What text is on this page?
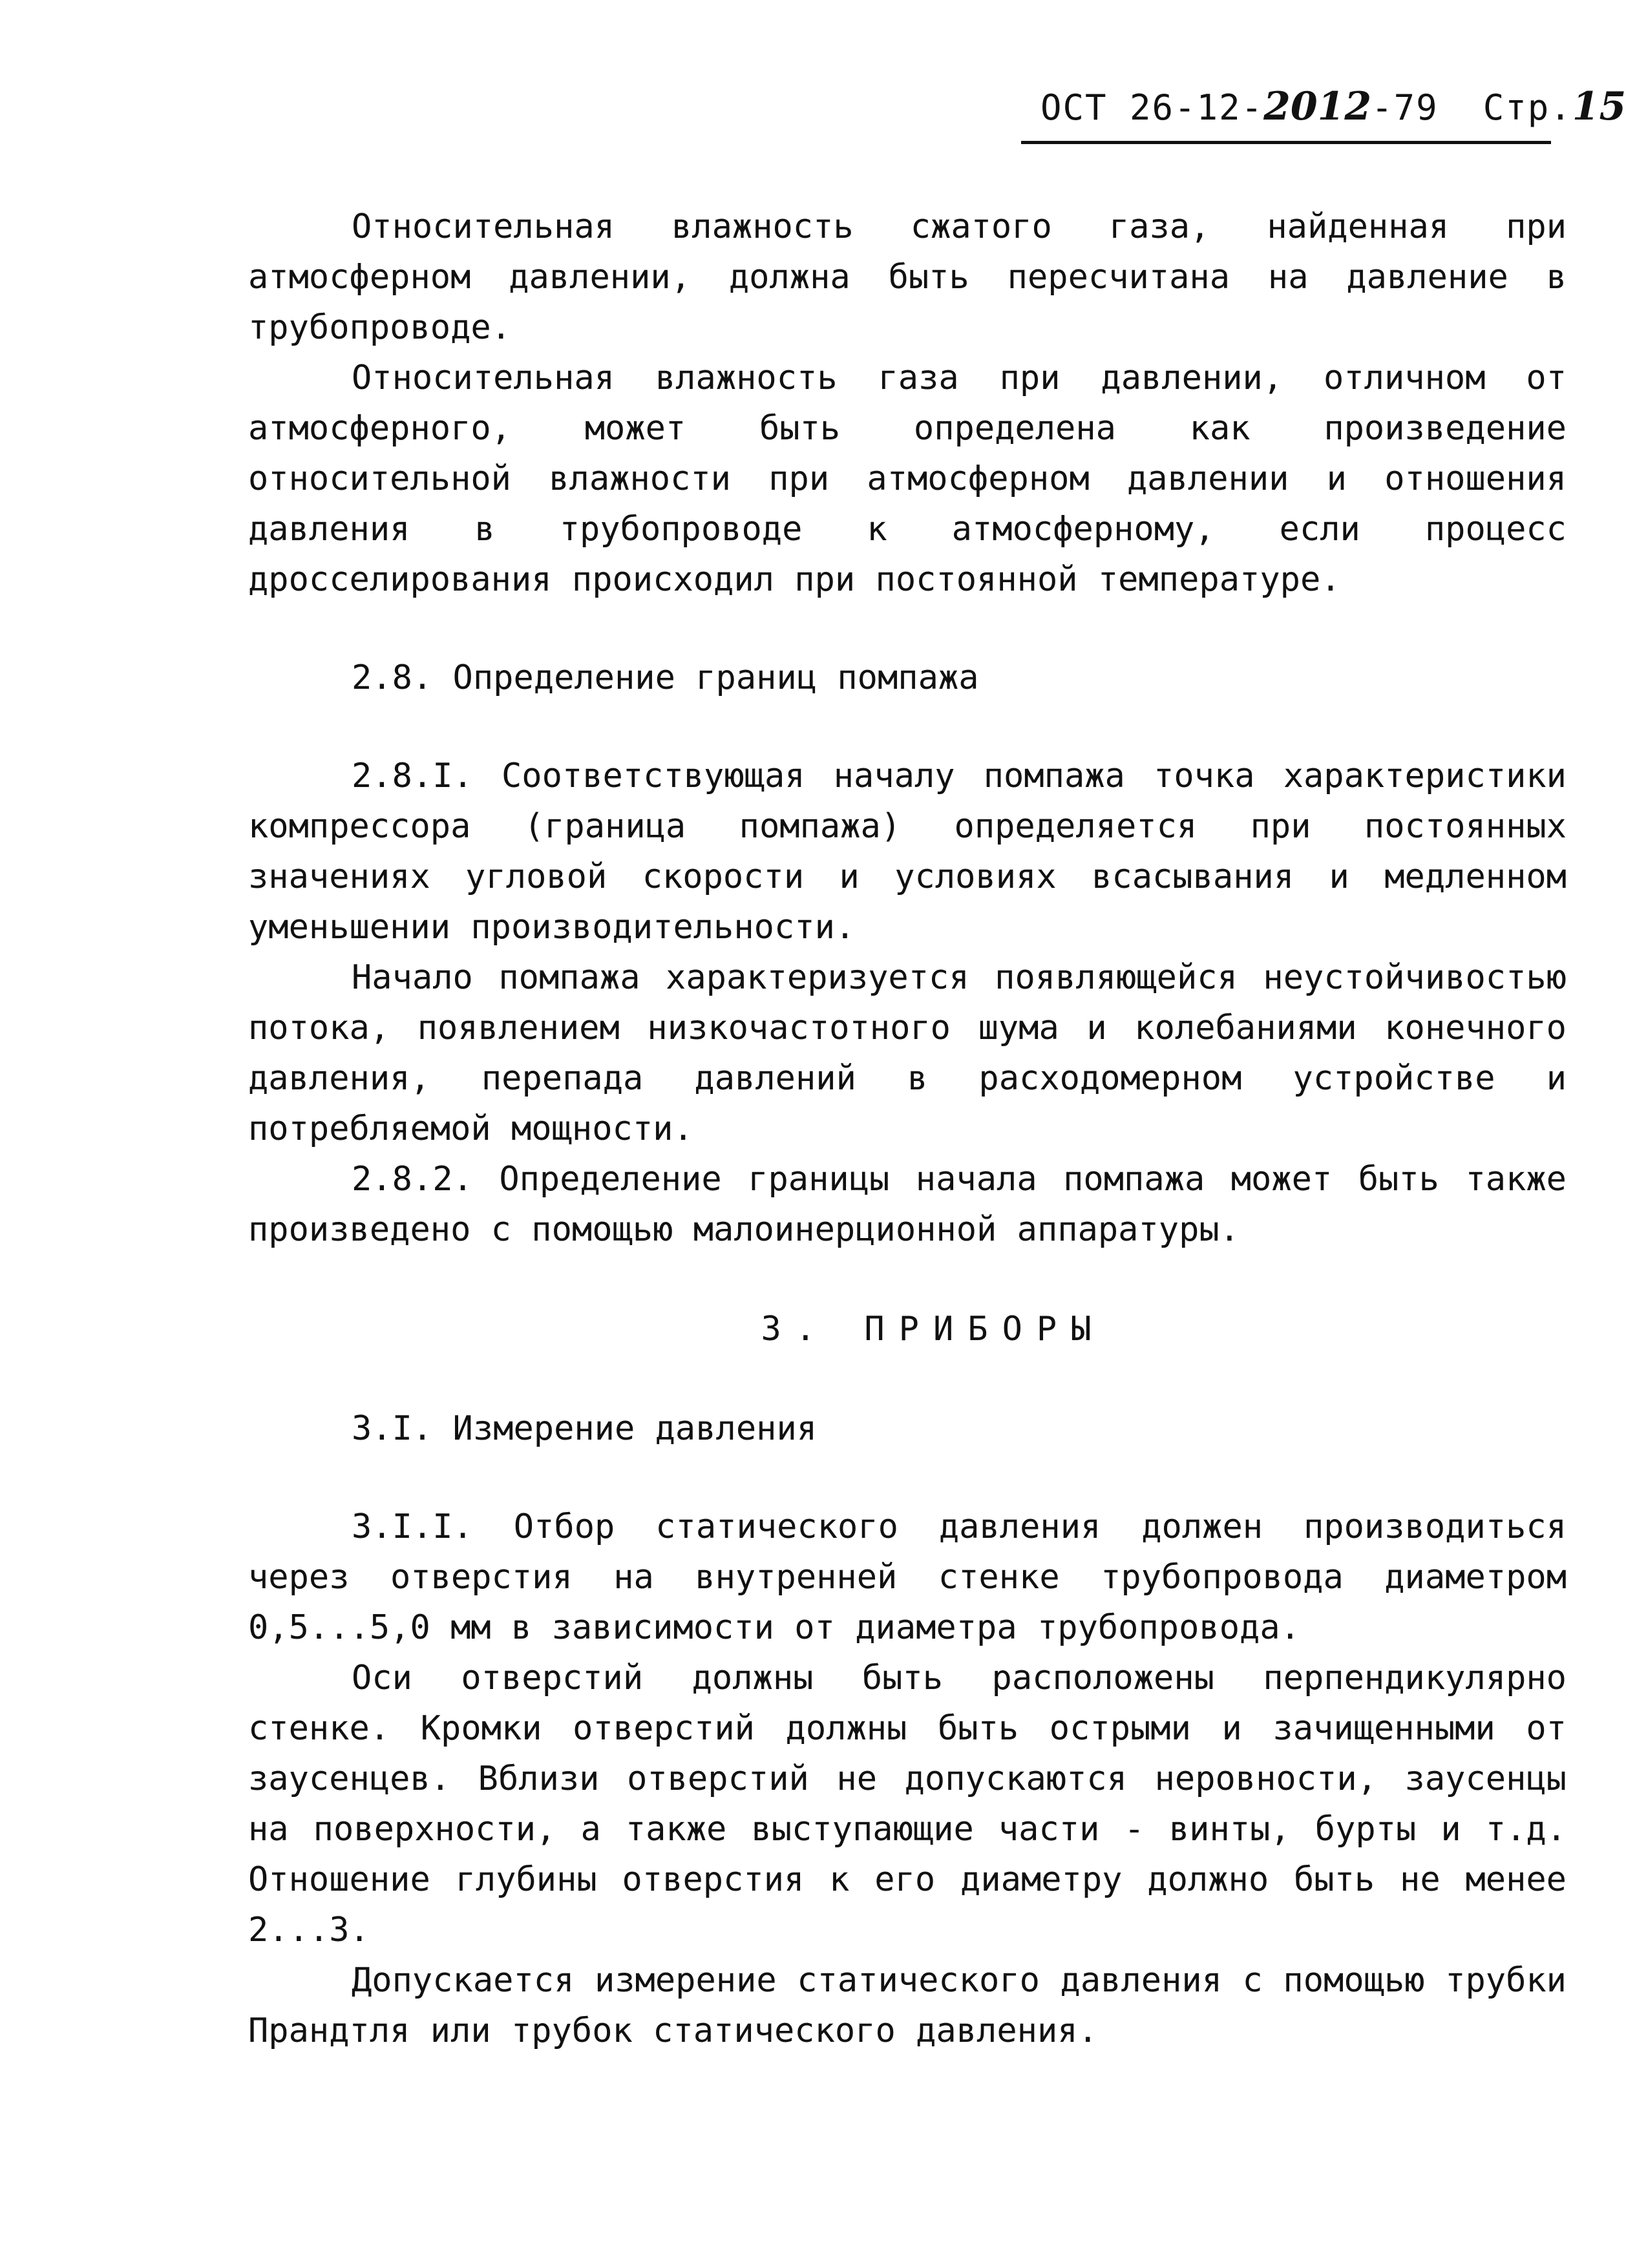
ОСТ 26-12-2012-79 Стр.15

Относительная влажность сжатого газа, найденная при атмосферном давлении, должна быть пересчитана на давление в трубопроводе.

Относительная влажность газа при давлении, отличном от атмосферного, может быть определена как произведение относительной влажности при атмосферном давлении и отношения давления в трубопроводе к атмосферному, если процесс дросселирования происходил при постоянной температуре.

2.8. Определение границ помпажа

2.8.I. Соответствующая началу помпажа точка характеристики компрессора (граница помпажа) определяется при постоянных значениях угловой скорости и условиях всасывания и медленном уменьшении производительности.

Начало помпажа характеризуется появляющейся неустойчивостью потока, появлением низкочастотного шума и колебаниями конечного давления, перепада давлений в расходомерном устройстве и потребляемой мощности.

2.8.2. Определение границы начала помпажа может быть также произведено с помощью малоинерционной аппаратуры.

3. ПРИБОРЫ

3.I. Измерение давления

3.I.I. Отбор статического давления должен производиться через отверстия на внутренней стенке трубопровода диаметром 0,5...5,0 мм в зависимости от диаметра трубопровода.

Оси отверстий должны быть расположены перпендикулярно стенке. Кромки отверстий должны быть острыми и зачищенными от заусенцев. Вблизи отверстий не допускаются неровности, заусенцы на поверхности, а также выступающие части - винты, бурты и т.д. Отношение глубины отверстия к его диаметру должно быть не менее 2...3.

Допускается измерение статического давления с помощью трубки Прандтля или трубок статического давления.
